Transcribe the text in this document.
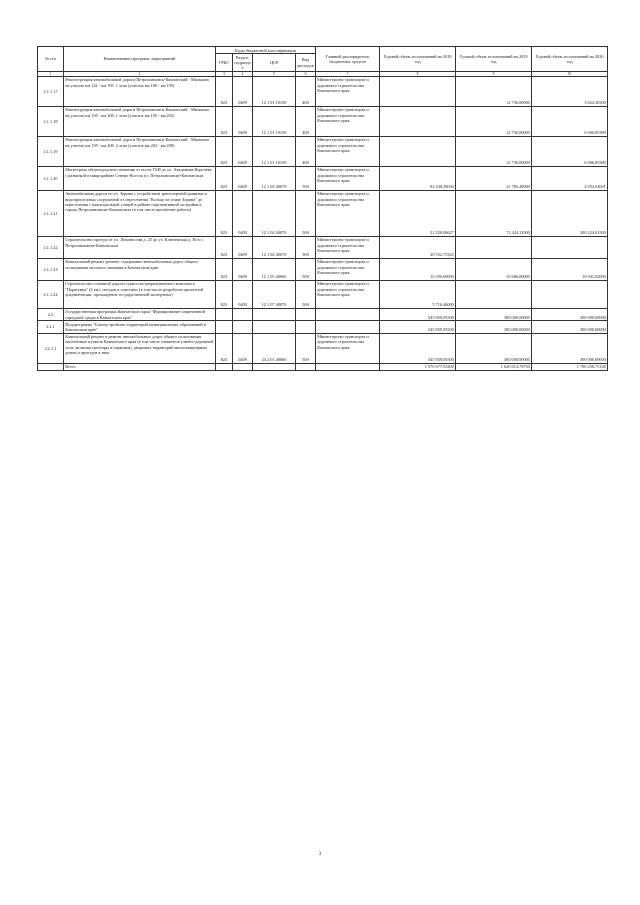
№ п/п	Наименование программ, мероприятий	Коды бюджетной классификации				Главный распорядитель бюджетных средств	Годовой объем ассигнований на 2018 год	Годовой объем ассигнований на 2019 год	Годовой объем ассигнований на 2020 год
		ГРБС	Раздел, подраздел	ЦСР	Вид расходов				
1	2	3	4	5	6	7	8	9	10
2.1.1.17	Реконструкция автомобильной дороги Петропавловск-Камчатский - Мильково на участке км 141 - км 195. 1 этап (участок км 180 - км 195)	823	0409	12 1 01 10150	400	Министерство транспорта и дорожного строительства Камчатского края		12 756,00000	3 624,30300
2.1.1.18	Реконструкция автомобильной дороги Петропавловск-Камчатский - Мильково на участке км 195 - км 208. 1 этап (участок км 195 - км 202)	823	0409	12 1 01 10150	400	Министерство транспорта и дорожного строительства Камчатского края		12 756,00000	6 006,85380
2.1.1.19	Реконструкция автомобильной дороги Петропавловск-Камчатский - Мильково на участке км 195 - км 208. 2 этап (участок км 202 - км 208)	823	0409	12 1 01 10150	400	Министерство транспорта и дорожного строительства Камчатского края		12 756,00000	6 006,85380
2.1.1.20	Магистраль общегородского значения от поста ГАИ до ул. Академика Королёва с развязкой в микрорайоне Северо-Восток в г. Петропавловске-Камчатском	823	0409	12 1 04 40070	500	Министерство транспорта и дорожного строительства Камчатского края	82 430,29030	21 785,49000	4 952,02001
2.1.1.21	Автомобильная дорога по ул. Зорина с устройством транспортной развязки и водопропускных сооружений от пересечения "Кольцо на улице Зорина" до пересечения с магистральной улицей в районе перспективной застройки в городе Петропавловске-Камчатском (в том числе проектные работы)	823	0409	12 1 04 40070	500	Министерство транспорта и дорожного строительства Камчатского края	21 220,06627	72 424,11000	200 224,01500
2.1.1.22	Строительство проезда от ул. Ломоносова д. 25 до ул. Ключевская д. 36 в г. Петропавловске-Камчатском	823	0409	12 1 04 40070	500	Министерство транспорта и дорожного строительства Камчатского края	20 552,75322		
2.1.1.23	Капитальный ремонт, ремонт, содержание автомобильных дорог общего пользования местного значения в Камчатском крае	823	0409	12 1 05 40060	500	Министерство транспорта и дорожного строительства Камчатского края	10 290,00000	10 686,00000	10 941,02000
2.1.1.24	Строительство основной дороги туристско-рекреационного комплекса "Паратунка" (2 км), съездов и очистных (в том числе разработка проектной документации, прохождение государственной экспертизы)	823	0409	12 1 07 40070	500	Министерство транспорта и дорожного строительства Камчатского края	5 716,46000		
2.2	Государственная программа Камчатского края "Формирование современной городской среды в Камчатском крае"						545 859,05500	300 000,00000	300 000,00000
2.2.1	Подпрограмма "Благоустройство территорий муниципальных образований в Камчатском крае"						545 859,05500	300 000,00000	300 000,00000
2.2.1.1	Капитальный ремонт и ремонт автомобильных дорог общего пользования населенных пунктов Камчатского края (в том числе элементов улично-дорожной сети, включая тротуары и парковки), дворовых территорий многоквартирных домов и проездов к ним	823	0409	24 2 01 40060	500	Министерство транспорта и дорожного строительства Камчатского края	545 859,05500	300 000,00000	300 000,00000
	Всего						1 570 677,53200	1 620 614,78750	1 706 250,75140
3
